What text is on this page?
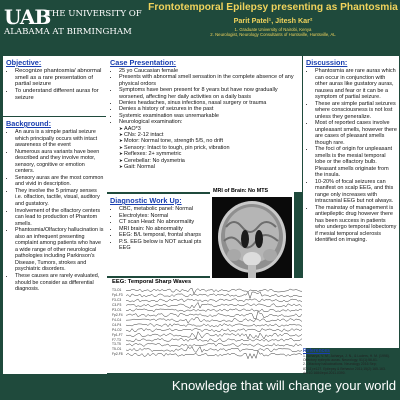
UAB
THE UNIVERSITY OF
ALABAMA AT BIRMINGHAM
Frontotemporal Epilepsy presenting as Phantosmia
Parit Patel¹, Jitesh Kar²
1. Graduate University of Nairobi, Kenya
2. Neurologist, Neurology Consultants of Huntsville, Huntsville, AL
Objective:
• Recognize phantosmia/ abnormal smell as a rare presentation of partial seizure
• To understand different auras for seizure
Background:
• An aura is a simple partial seizure which principally occurs with intact awareness of the event
• Numerous aura variants have been described and they involve motor, sensory, cognitive or emotion centers.
• Sensory auras are the most common and vivid in description.
• They involve the 5 primary senses i.e. olfaction, tactile, visual, auditory and gustatory.
• Involvement of the olfactory centers can lead to production of Phantom smells.
• Phantosmia/Olfactory hallucination is also an infrequent presenting complaint among patients who have a wide range of other neurological pathologies including Parkinson's Disease, Tumors, strokes and psychiatric disorders.
• These causes are rarely evaluated, should be consider as differential diagnosis.
Case Presentation:
• 25 yo Caucasian female
• Presents with abnormal smell sensation in the complete absence of any physical ordors
• Symptoms have been present for 8 years but have now gradually worsened, affecting her daily activities on a daily basis
• Denies headaches, sinus infections, nasal surgery or trauma
• Denies a history of seizures in the past
• Systemic examination was unremarkable
• Neurological examination:
➤ AAO*3
➤ CNs: 2-12 intact
➤ Motor: Normal tone, strength 5/5, no drift
➤ Sensory: Intact to tough, pin prick, vibration
➤ Reflexes: 2+ symmetric
➤ Cerebellar: No dysmetria
➤ Gait: Normal
Diagnostic Work Up:
• CBC, metabolic panel: Normal
• Electrolytes: Normal
• CT scan Head: No abnormality
• MRI brain: No abnormality
• EEG: B/L temporal, frontal sharps
• P.S. EEG below is NOT actual pts EEG
MRI of Brain: No MTS
EEG: Temporal Sharp Waves
T3-O1
Fp1-F3
F3-C3
C3-P3
P3-O1
Fp2-F4
F4-C4
C4-P4
P4-O2
Fp1-F7
F7-T3
T3-T5
T5-O1
Fp2-F8
Discussion:
• Phantosmia are rare auras which can occur in conjunction with other auras like gustatory auras, nausea and fear or it can be a symptom of partial seizure.
• These are simple partial seizures where consciousness is not lost unless they generalize.
• Most of reported cases involve unpleasant smells, however there are cases of pleasant smells though rare.
• The foci of origin for unpleasant smells is the mesial temporal lobe or the olfactory bulb. Pleasant smells originate from the insula.
• 10-20% of focal seizures can manifest on scalp EEG, and this range only increases with intracranial EEG but not always.
• The mainstay of management is antiepileptic drug however there has been success in patients who undergo temporal lobectomy if mesial temporal sclerosis identified on imaging.
References
1. Acharya, V. M., Acharya, J. N., & Luders, H. M. (1998). Olfactory epileptic auras. Neurology, 51(1):56-61.
2. Olfactory hallucinations. Neurology 2016 Sep; 87(11):e127. Epilepsy & Behavior 2011;15(2):165-163.
doi:10.1684/epd.2011.0390.
Knowledge that will change your world
